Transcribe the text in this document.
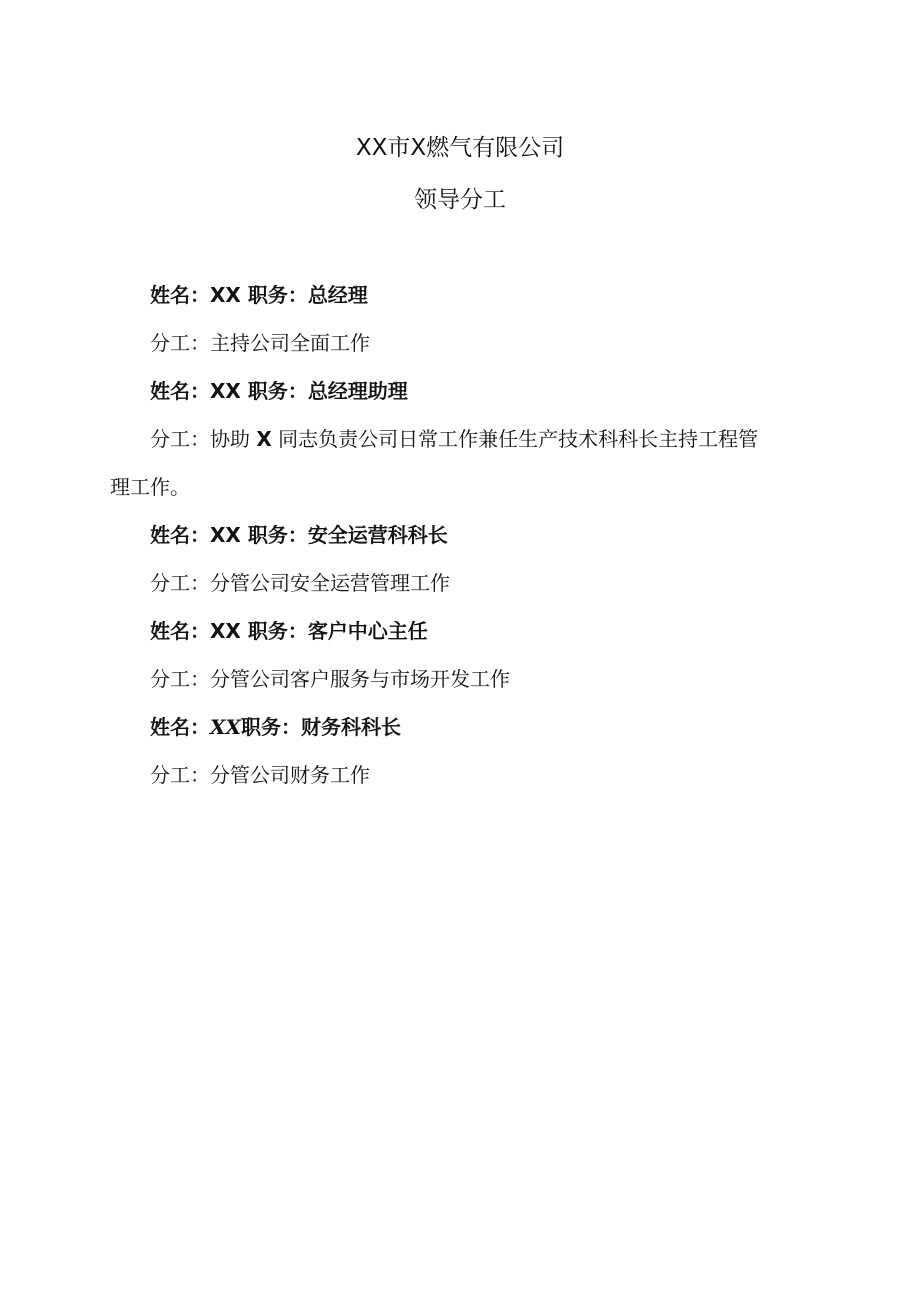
XX市X燃气有限公司
领导分工
姓名：XX 职务：总经理
分工：主持公司全面工作
姓名：XX 职务：总经理助理
分工：协助 X 同志负责公司日常工作兼任生产技术科科长主持工程管
理工作。
姓名：XX 职务：安全运营科科长
分工：分管公司安全运营管理工作
姓名：XX 职务：客户中心主任
分工：分管公司客户服务与市场开发工作
姓名：XX职务：财务科科长
分工：分管公司财务工作
